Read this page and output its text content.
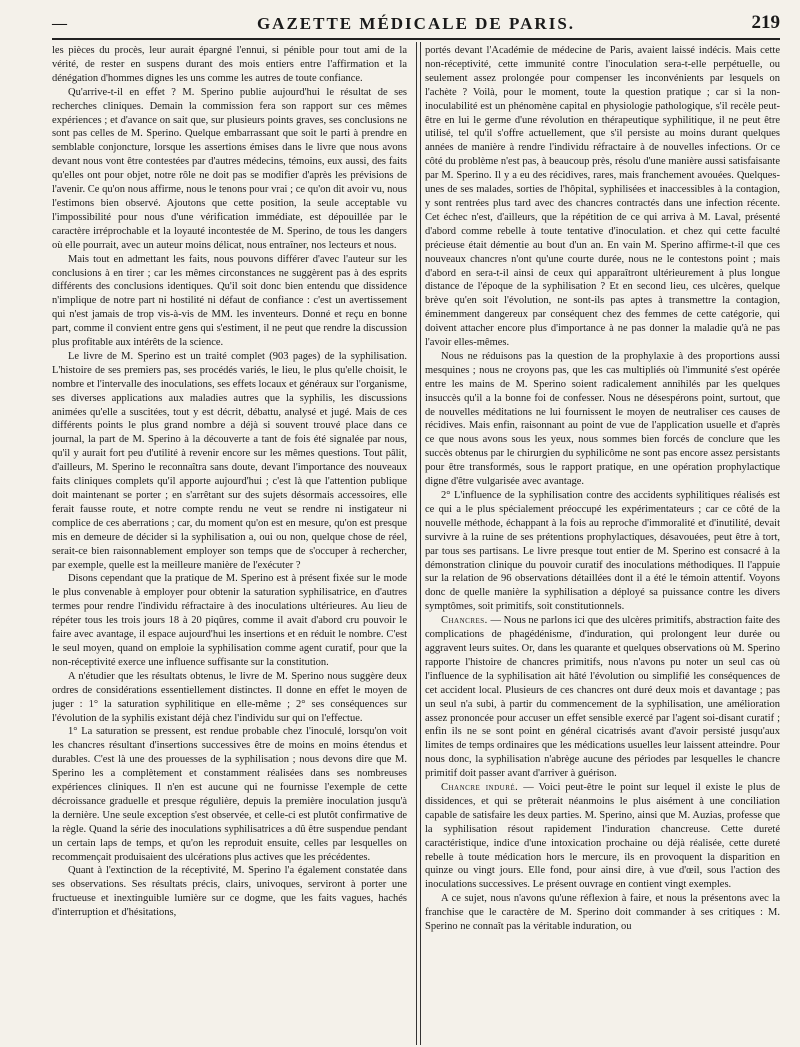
—	GAZETTE MÉDICALE DE PARIS.	219

les pièces du procès, leur aurait épargné l'ennui, si pénible pour tout ami de la vérité, de rester en suspens durant des mois entiers entre l'affirmation et la dénégation d'hommes dignes les uns comme les autres de toute confiance.

Qu'arrive-t-il en effet ? M. Sperino publie aujourd'hui le résultat de ses recherches cliniques. Demain la commission fera son rapport sur ces mêmes expériences ; et d'avance on sait que, sur plusieurs points graves, ses conclusions ne sont pas celles de M. Sperino. Quelque embarrassant que soit le parti à prendre en semblable conjoncture, lorsque les assertions émises dans le livre que nous avons devant nous vont être contestées par d'autres médecins, témoins, eux aussi, des faits qu'elles ont pour objet, notre rôle ne doit pas se modifier d'après les prévisions de l'avenir. Ce qu'on nous affirme, nous le tenons pour vrai ; ce qu'on dit avoir vu, nous l'estimons bien observé. Ajoutons que cette position, la seule acceptable vu l'impossibilité pour nous d'une vérification immédiate, est dépouillée par le caractère irréprochable et la loyauté incontestée de M. Sperino, de tous les dangers où elle pourrait, avec un auteur moins délicat, nous entraîner, nos lecteurs et nous.

Mais tout en admettant les faits, nous pouvons différer d'avec l'auteur sur les conclusions à en tirer ; car les mêmes circonstances ne suggèrent pas à des esprits différents des conclusions identiques. Qu'il soit donc bien entendu que dissidence n'implique de notre part ni hostilité ni défaut de confiance : c'est un avertissement qui n'est jamais de trop vis-à-vis de MM. les inventeurs. Donné et reçu en bonne part, comme il convient entre gens qui s'estiment, il ne peut que rendre la discussion plus profitable aux intérêts de la science.

Le livre de M. Sperino est un traité complet (903 pages) de la syphilisation. L'histoire de ses premiers pas, ses procédés variés, le lieu, le plus qu'elle choisit, le nombre et l'intervalle des inoculations, ses effets locaux et généraux sur l'organisme, ses diverses applications aux maladies autres que la syphilis, les discussions animées qu'elle a suscitées, tout y est décrit, débattu, analysé et jugé. Mais de ces différents points le plus grand nombre a déjà si souvent trouvé place dans ce journal, la part de M. Sperino à la découverte a tant de fois été signalée par nous, qu'il y aurait fort peu d'utilité à revenir encore sur les mêmes questions. Tout pâlit, d'ailleurs, M. Sperino le reconnaîtra sans doute, devant l'importance des nouveaux faits cliniques complets qu'il apporte aujourd'hui ; c'est là que l'attention publique doit maintenant se porter ; en s'arrêtant sur des sujets désormais accessoires, elle ferait fausse route, et notre compte rendu ne veut se rendre ni instigateur ni complice de ces aberrations ; car, du moment qu'on est en mesure, qu'on est presque mis en demeure de décider si la syphilisation a, oui ou non, quelque chose de réel, serait-ce bien raisonnablement employer son temps que de s'occuper à rechercher, par exemple, quelle est la meilleure manière de l'exécuter ?

Disons cependant que la pratique de M. Sperino est à présent fixée sur le mode le plus convenable à employer pour obtenir la saturation syphilisatrice, en d'autres termes pour rendre l'individu réfractaire à des inoculations ultérieures. Au lieu de répéter tous les trois jours 18 à 20 piqûres, comme il avait d'abord cru pouvoir le faire avec avantage, il espace aujourd'hui les insertions et en réduit le nombre. C'est le seul moyen, quand on emploie la syphilisation comme agent curatif, pour que la non-réceptivité exerce une influence suffisante sur la constitution.

A n'étudier que les résultats obtenus, le livre de M. Sperino nous suggère deux ordres de considérations essentiellement distinctes. Il donne en effet le moyen de juger : 1° la saturation syphilitique en elle-même ; 2° ses conséquences sur l'évolution de la syphilis existant déjà chez l'individu sur qui on l'effectue.

1° La saturation se pressent, est rendue probable chez l'inoculé, lorsqu'on voit les chancres résultant d'insertions successives être de moins en moins étendus et durables. C'est là une des prouesses de la syphilisation ; nous devons dire que M. Sperino les a complètement et constamment réalisées dans ses nombreuses expériences cliniques. Il n'en est aucune qui ne fournisse l'exemple de cette décroissance graduelle et presque régulière, depuis la première inoculation jusqu'à la dernière. Une seule exception s'est observée, et celle-ci est plutôt confirmative de la règle. Quand la série des inoculations syphilisatrices a dû être suspendue pendant un certain laps de temps, et qu'on les reproduit ensuite, celles par lesquelles on recommençait produisaient des ulcérations plus actives que les précédentes.

Quant à l'extinction de la réceptivité, M. Sperino l'a également constatée dans ses observations. Ses résultats précis, clairs, univoques, serviront à porter une fructueuse et inextinguible lumière sur ce dogme, que les faits vagues, hachés d'interruption et d'hésitations,

portés devant l'Académie de médecine de Paris, avaient laissé indécis. Mais cette non-réceptivité, cette immunité contre l'inoculation sera-t-elle perpétuelle, ou seulement assez prolongée pour compenser les inconvénients par lesquels on l'achète ? Voilà, pour le moment, toute la question pratique ; car si la non-inoculabilité est un phénomène capital en physiologie pathologique, s'il recèle peut-être en lui le germe d'une révolution en thérapeutique syphilitique, il ne peut être utilisé, tel qu'il s'offre actuellement, que s'il persiste au moins durant quelques années de manière à rendre l'individu réfractaire à de nouvelles infections. Or ce côté du problème n'est pas, à beaucoup près, résolu d'une manière aussi satisfaisante par M. Sperino. Il y a eu des récidives, rares, mais franchement avouées. Quelques-unes de ses malades, sorties de l'hôpital, syphilisées et inaccessibles à la contagion, y sont rentrées plus tard avec des chancres contractés dans une infection récente. Cet échec n'est, d'ailleurs, que la répétition de ce qui arriva à M. Laval, présenté d'abord comme rebelle à toute tentative d'inoculation. et chez qui cette faculté précieuse était démentie au bout d'un an. En vain M. Sperino affirme-t-il que ces nouveaux chancres n'ont qu'une courte durée, nous ne le contestons point ; mais d'abord en sera-t-il ainsi de ceux qui apparaîtront ultérieurement à plus longue distance de l'époque de la syphilisation ? Et en second lieu, ces ulcères, quelque brève qu'en soit l'évolution, ne sont-ils pas aptes à transmettre la contagion, éminemment dangereux par conséquent chez des femmes de cette catégorie, qui doivent attacher encore plus d'importance à ne pas donner la maladie qu'à ne pas l'avoir elles-mêmes.

Nous ne réduisons pas la question de la prophylaxie à des proportions aussi mesquines ; nous ne croyons pas, que les cas multipliés où l'immunité s'est opérée entre les mains de M. Sperino soient radicalement annihilés par les quelques insuccès qu'il a la bonne foi de confesser. Nous ne désespérons point, surtout, que de nouvelles méditations ne lui fournissent le moyen de neutraliser ces causes de récidives. Mais enfin, raisonnant au point de vue de l'application usuelle et d'après ce que nous avons sous les yeux, nous sommes bien forcés de conclure que les succès obtenus par le chirurgien du syphilicôme ne sont pas encore assez persistants pour être transformés, sous le rapport pratique, en une opération prophylactique digne d'être vulgarisée avec avantage.

2° L'influence de la syphilisation contre des accidents syphilitiques réalisés est ce qui a le plus spécialement préoccupé les expérimentateurs ; car ce côté de la nouvelle méthode, échappant à la fois au reproche d'immoralité et d'inutilité, devait survivre à la ruine de ses prétentions prophylactiques, désavouées, peut être à tort, par tous ses partisans. Le livre presque tout entier de M. Sperino est consacré à la démonstration clinique du pouvoir curatif des inoculations méthodiques. Il l'appuie sur la relation de 96 observations détaillées dont il a été le témoin attentif. Voyons donc de quelle manière la syphilisation a déployé sa puissance contre les divers symptômes, soit primitifs, soit constitutionnels.

Chancres. — Nous ne parlons ici que des ulcères primitifs, abstraction faite des complications de phagédénisme, d'induration, qui prolongent leur durée ou aggravent leurs suites. Or, dans les quarante et quelques observations où M. Sperino rapporte l'histoire de chancres primitifs, nous n'avons pu noter un seul cas où l'influence de la syphilisation ait hâté l'évolution ou simplifié les conséquences de cet accident local. Plusieurs de ces chancres ont duré deux mois et davantage ; pas un seul n'a subi, à partir du commencement de la syphilisation, une amélioration assez prononcée pour accuser un effet sensible exercé par l'agent soi-disant curatif ; enfin ils ne se sont point en général cicatrisés avant d'avoir persisté jusqu'aux limites de temps ordinaires que les médications usuelles leur laissent atteindre. Pour nous donc, la syphilisation n'abrège aucune des périodes par lesquelles le chancre primitif doit passer avant d'arriver à guérison.

Chancre induré. — Voici peut-être le point sur lequel il existe le plus de dissidences, et qui se prêterait néanmoins le plus aisément à une conciliation capable de satisfaire les deux parties. M. Sperino, ainsi que M. Auzias, professe que la syphilisation résout rapidement l'induration chancreuse. Cette dureté caractéristique, indice d'une intoxication prochaine ou déjà réalisée, cette dureté rebelle à toute médication hors le mercure, ils en provoquent la disparition en quinze ou vingt jours. Elle fond, pour ainsi dire, à vue d'œil, sous l'action des inoculations successives. Le présent ouvrage en contient vingt exemples.

A ce sujet, nous n'avons qu'une réflexion à faire, et nous la présentons avec la franchise que le caractère de M. Sperino doit commander à ses critiques : M. Sperino ne connaît pas la véritable induration, ou
